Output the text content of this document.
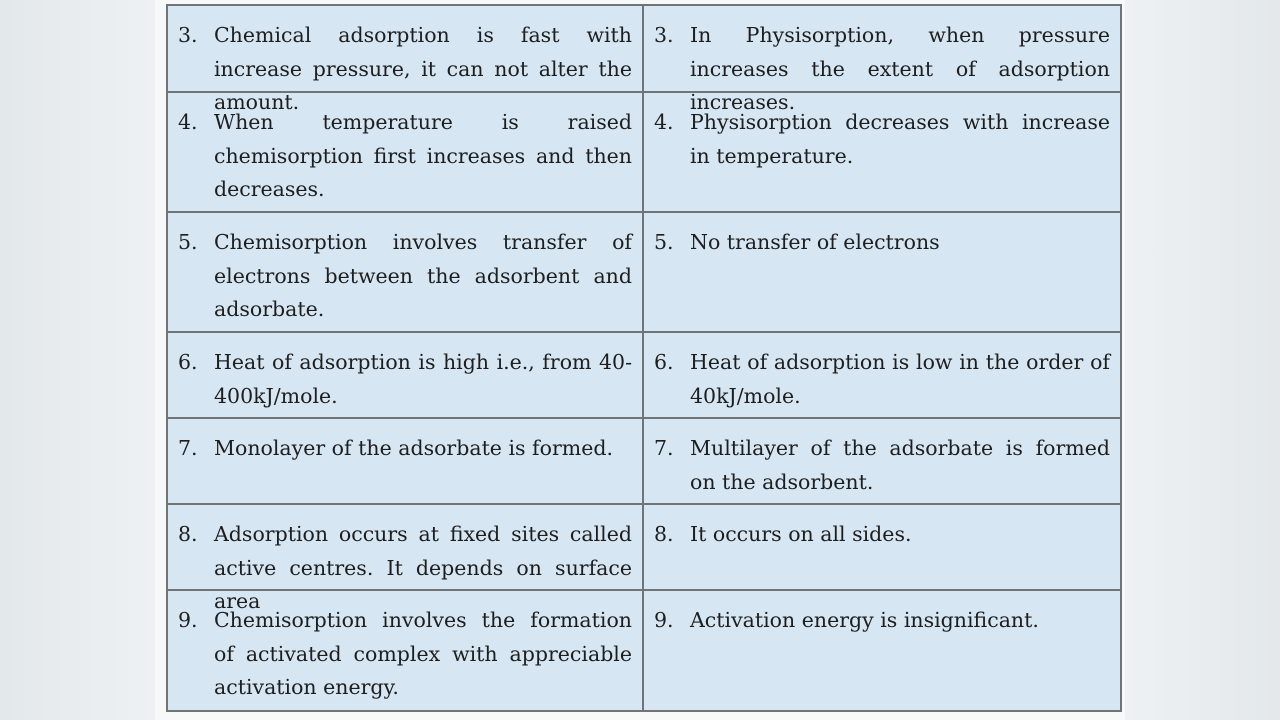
3. Chemical adsorption is fast with increase pressure, it can not alter the amount.
3. In Physisorption, when pressure increases the extent of adsorption increases.
4. When temperature is raised chemisorption first increases and then decreases.
4. Physisorption decreases with increase in temperature.
5. Chemisorption involves transfer of electrons between the adsorbent and adsorbate.
5. No transfer of electrons
6. Heat of adsorption is high i.e., from 40-400kJ/mole.
6. Heat of adsorption is low in the order of 40kJ/mole.
7. Monolayer of the adsorbate is formed.	7. Multilayer of the adsorbate is formed on the adsorbent.
8. Adsorption occurs at fixed sites called active centres. It depends on surface area
8. It occurs on all sides.
9. Chemisorption involves the formation of activated complex with appreciable activation energy.
9. Activation energy is insignificant.
